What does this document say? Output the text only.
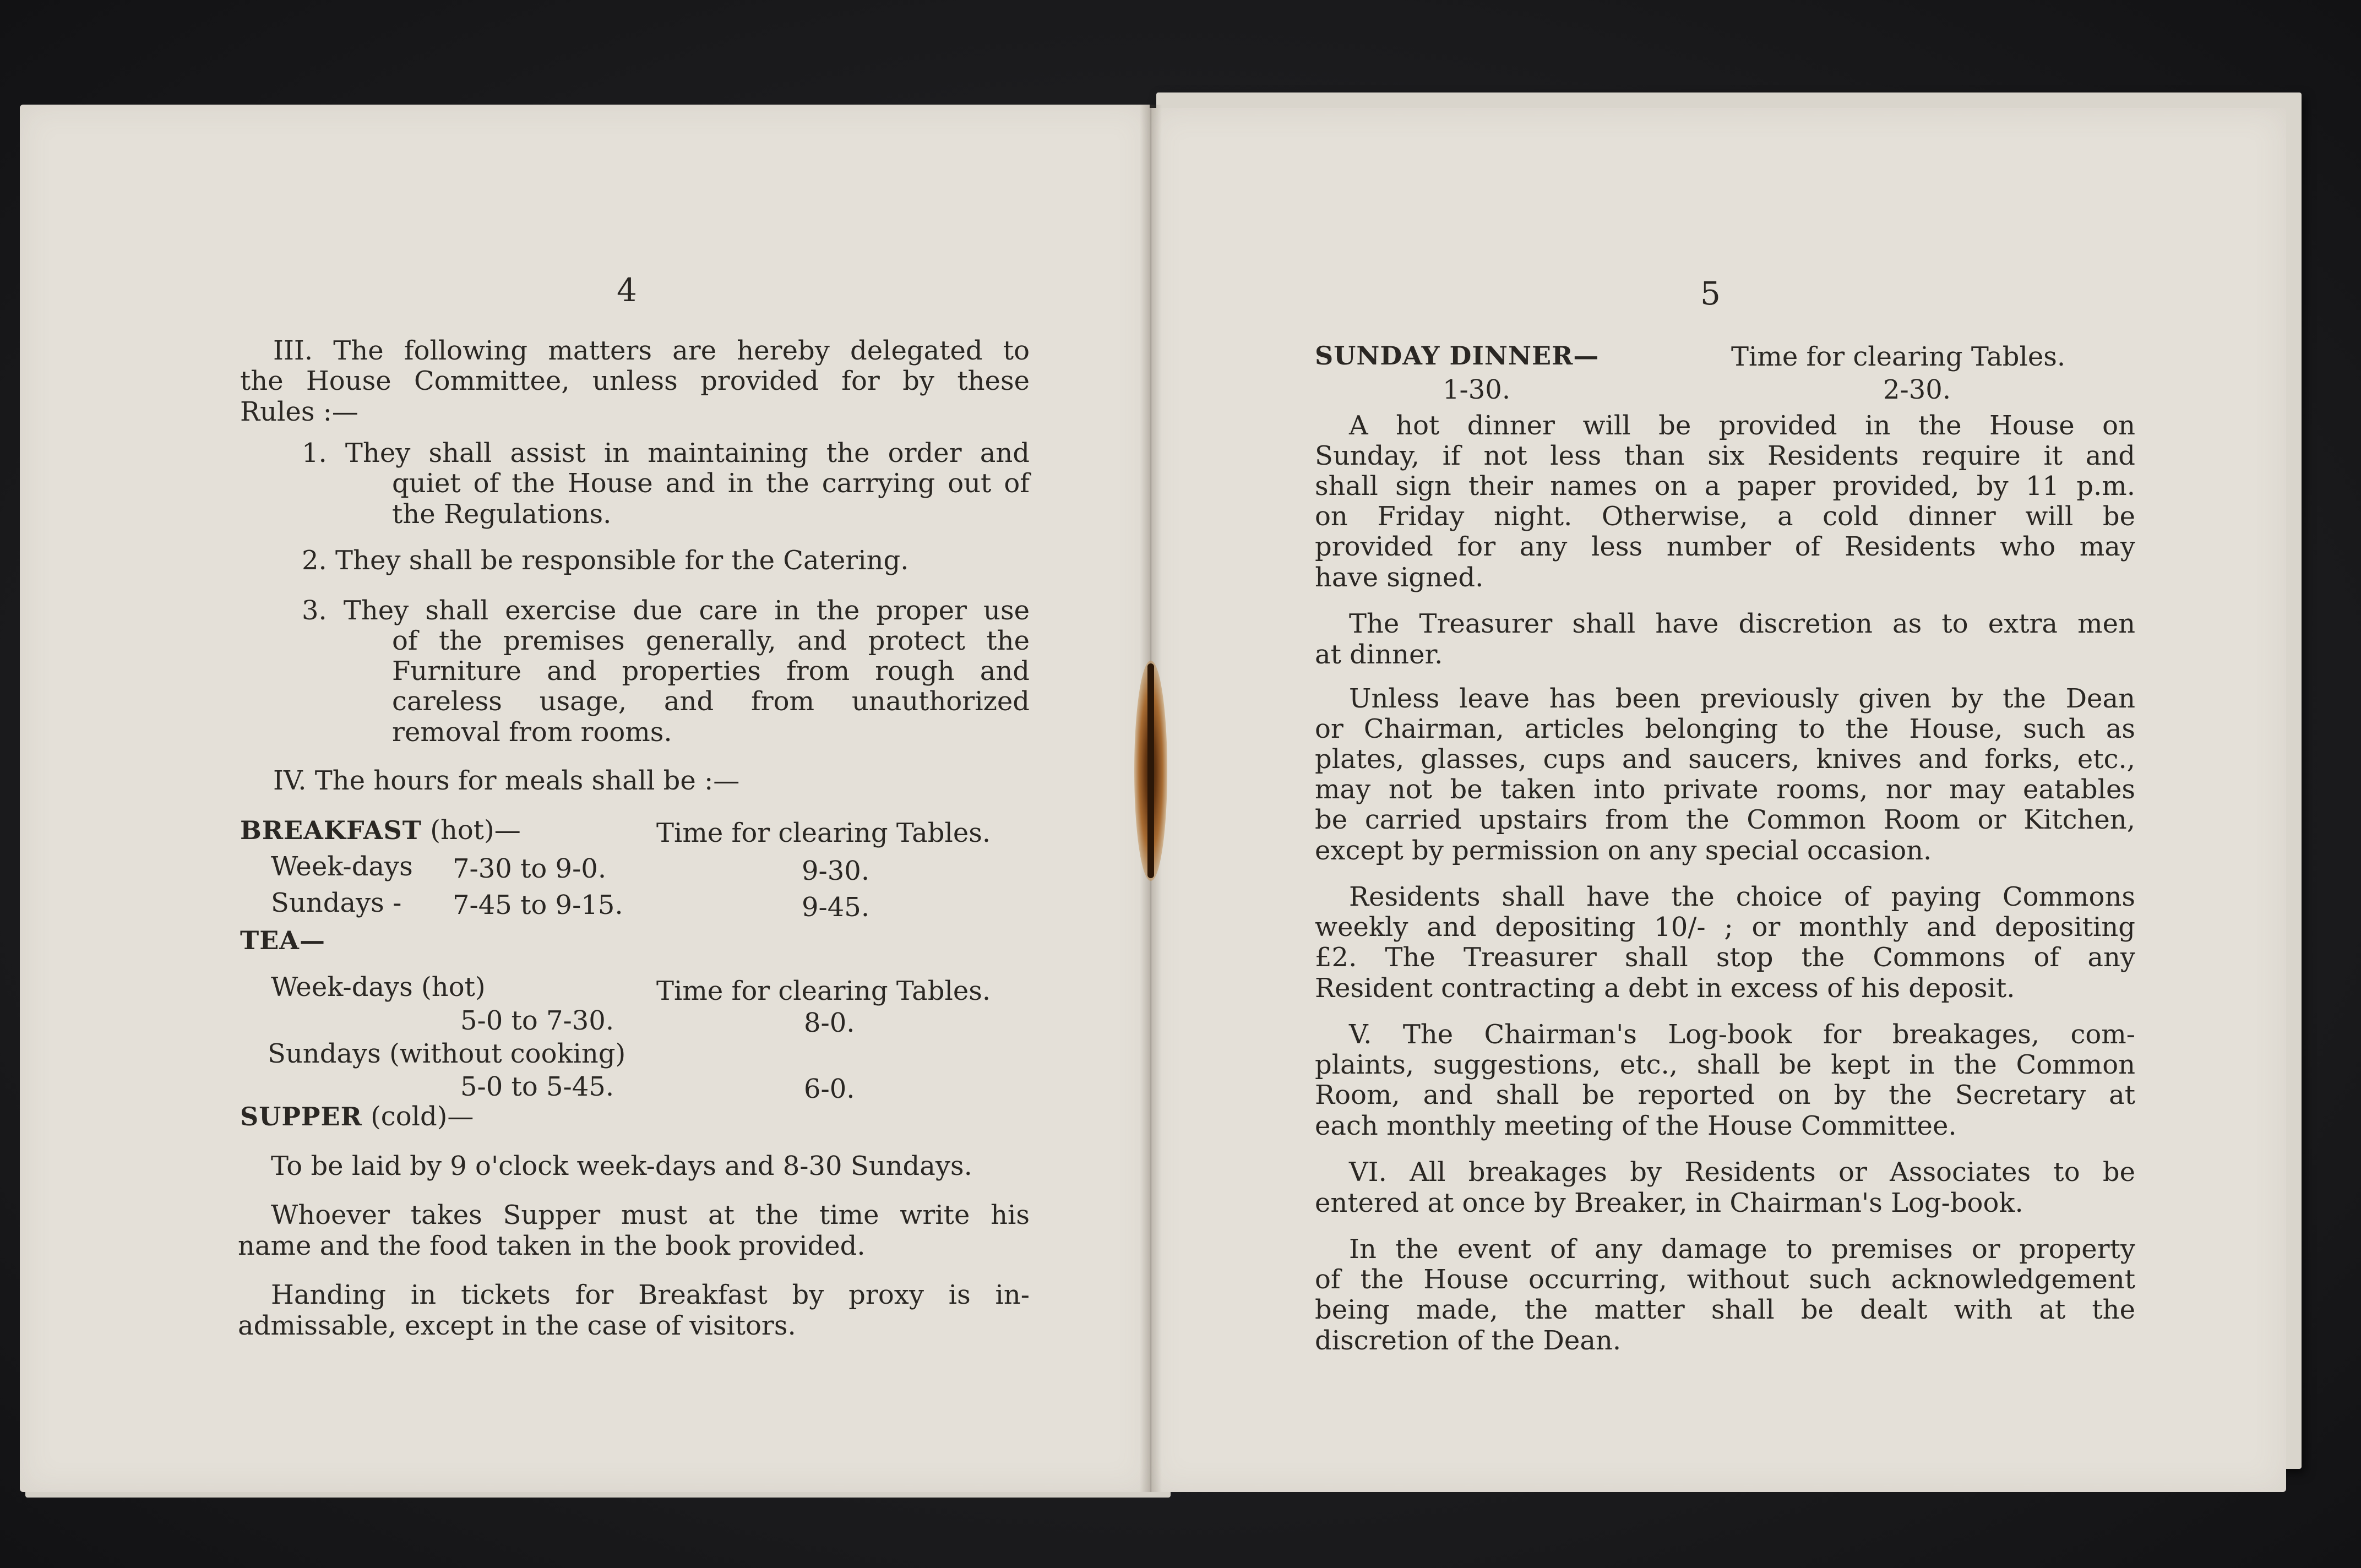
4
III. The following matters are hereby delegated to
the House Committee, unless provided for by these
Rules :—
1. They shall assist in maintaining the order and
quiet of the House and in the carrying out of
the Regulations.
2. They shall be responsible for the Catering.
3. They shall exercise due care in the proper use
of the premises generally, and protect the
Furniture and properties from rough and
careless usage, and from unauthorized
removal from rooms.
IV. The hours for meals shall be :—
BREAKFAST (hot)—	Time for clearing Tables.
Week-days 7-30 to 9-0.	9-30.
Sundays - 7-45 to 9-15.	9-45.
TEA—
Week-days (hot)	Time for clearing Tables.
5-0 to 7-30.	8-0.
Sundays (without cooking)
5-0 to 5-45.	6-0.
SUPPER (cold)—
To be laid by 9 o'clock week-days and 8-30 Sundays.
Whoever takes Supper must at the time write his
name and the food taken in the book provided.
Handing in tickets for Breakfast by proxy is in-
admissable, except in the case of visitors.
5
SUNDAY DINNER—	Time for clearing Tables.
1-30.	2-30.
A hot dinner will be provided in the House on
Sunday, if not less than six Residents require it and
shall sign their names on a paper provided, by 11 p.m.
on Friday night. Otherwise, a cold dinner will be
provided for any less number of Residents who may
have signed.
The Treasurer shall have discretion as to extra men
at dinner.
Unless leave has been previously given by the Dean
or Chairman, articles belonging to the House, such as
plates, glasses, cups and saucers, knives and forks, etc.,
may not be taken into private rooms, nor may eatables
be carried upstairs from the Common Room or Kitchen,
except by permission on any special occasion.
Residents shall have the choice of paying Commons
weekly and depositing 10/- ; or monthly and depositing
£2. The Treasurer shall stop the Commons of any
Resident contracting a debt in excess of his deposit.
V. The Chairman's Log-book for breakages, com-
plaints, suggestions, etc., shall be kept in the Common
Room, and shall be reported on by the Secretary at
each monthly meeting of the House Committee.
VI. All breakages by Residents or Associates to be
entered at once by Breaker, in Chairman's Log-book.
In the event of any damage to premises or property
of the House occurring, without such acknowledgement
being made, the matter shall be dealt with at the
discretion of the Dean.
